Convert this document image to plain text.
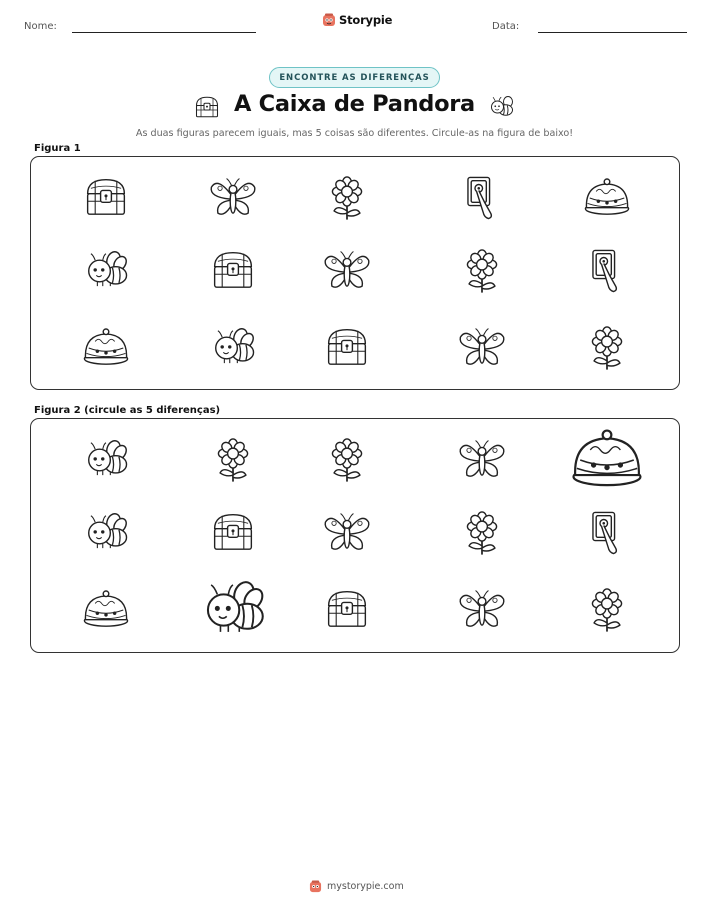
Nome:	Storypie	Data:
ENCONTRE AS DIFERENÇAS
A Caixa de Pandora
As duas figuras parecem iguais, mas 5 coisas são diferentes. Circule-as na figura de baixo!
Figura 1
Figura 2 (circule as 5 diferenças)
mystorypie.com
